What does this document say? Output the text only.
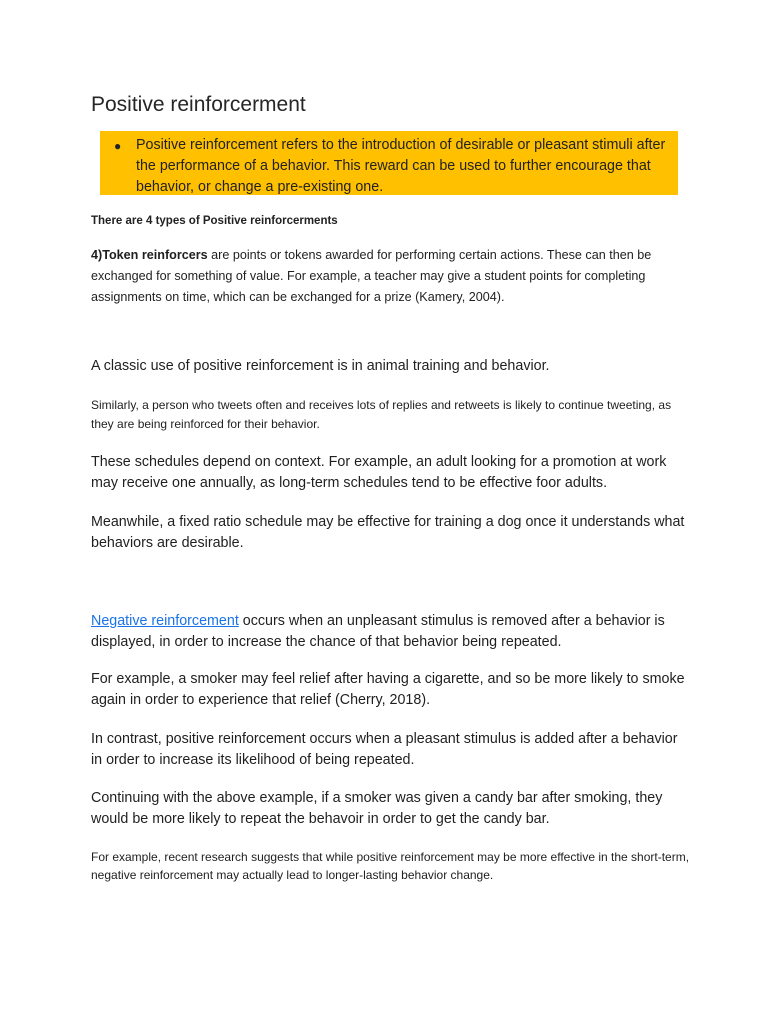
Positive reinforcerment
● Positive reinforcement refers to the introduction of desirable or pleasant stimuli after the performance of a behavior. This reward can be used to further encourage that behavior, or change a pre-existing one.

There are 4 types of Positive reinforcerments

4)Token reinforcers are points or tokens awarded for performing certain actions. These can then be exchanged for something of value. For example, a teacher may give a student points for completing assignments on time, which can be exchanged for a prize (Kamery, 2004).

A classic use of positive reinforcement is in animal training and behavior.

Similarly, a person who tweets often and receives lots of replies and retweets is likely to continue tweeting, as they are being reinforced for their behavior.

These schedules depend on context. For example, an adult looking for a promotion at work may receive one annually, as long-term schedules tend to be effective foor adults.

Meanwhile, a fixed ratio schedule may be effective for training a dog once it understands what behaviors are desirable.

Negative reinforcement occurs when an unpleasant stimulus is removed after a behavior is displayed, in order to increase the chance of that behavior being repeated.

For example, a smoker may feel relief after having a cigarette, and so be more likely to smoke again in order to experience that relief (Cherry, 2018).

In contrast, positive reinforcement occurs when a pleasant stimulus is added after a behavior in order to increase its likelihood of being repeated.

Continuing with the above example, if a smoker was given a candy bar after smoking, they would be more likely to repeat the behavoir in order to get the candy bar.

For example, recent research suggests that while positive reinforcement may be more effective in the short-term, negative reinforcement may actually lead to longer-lasting behavior change.
